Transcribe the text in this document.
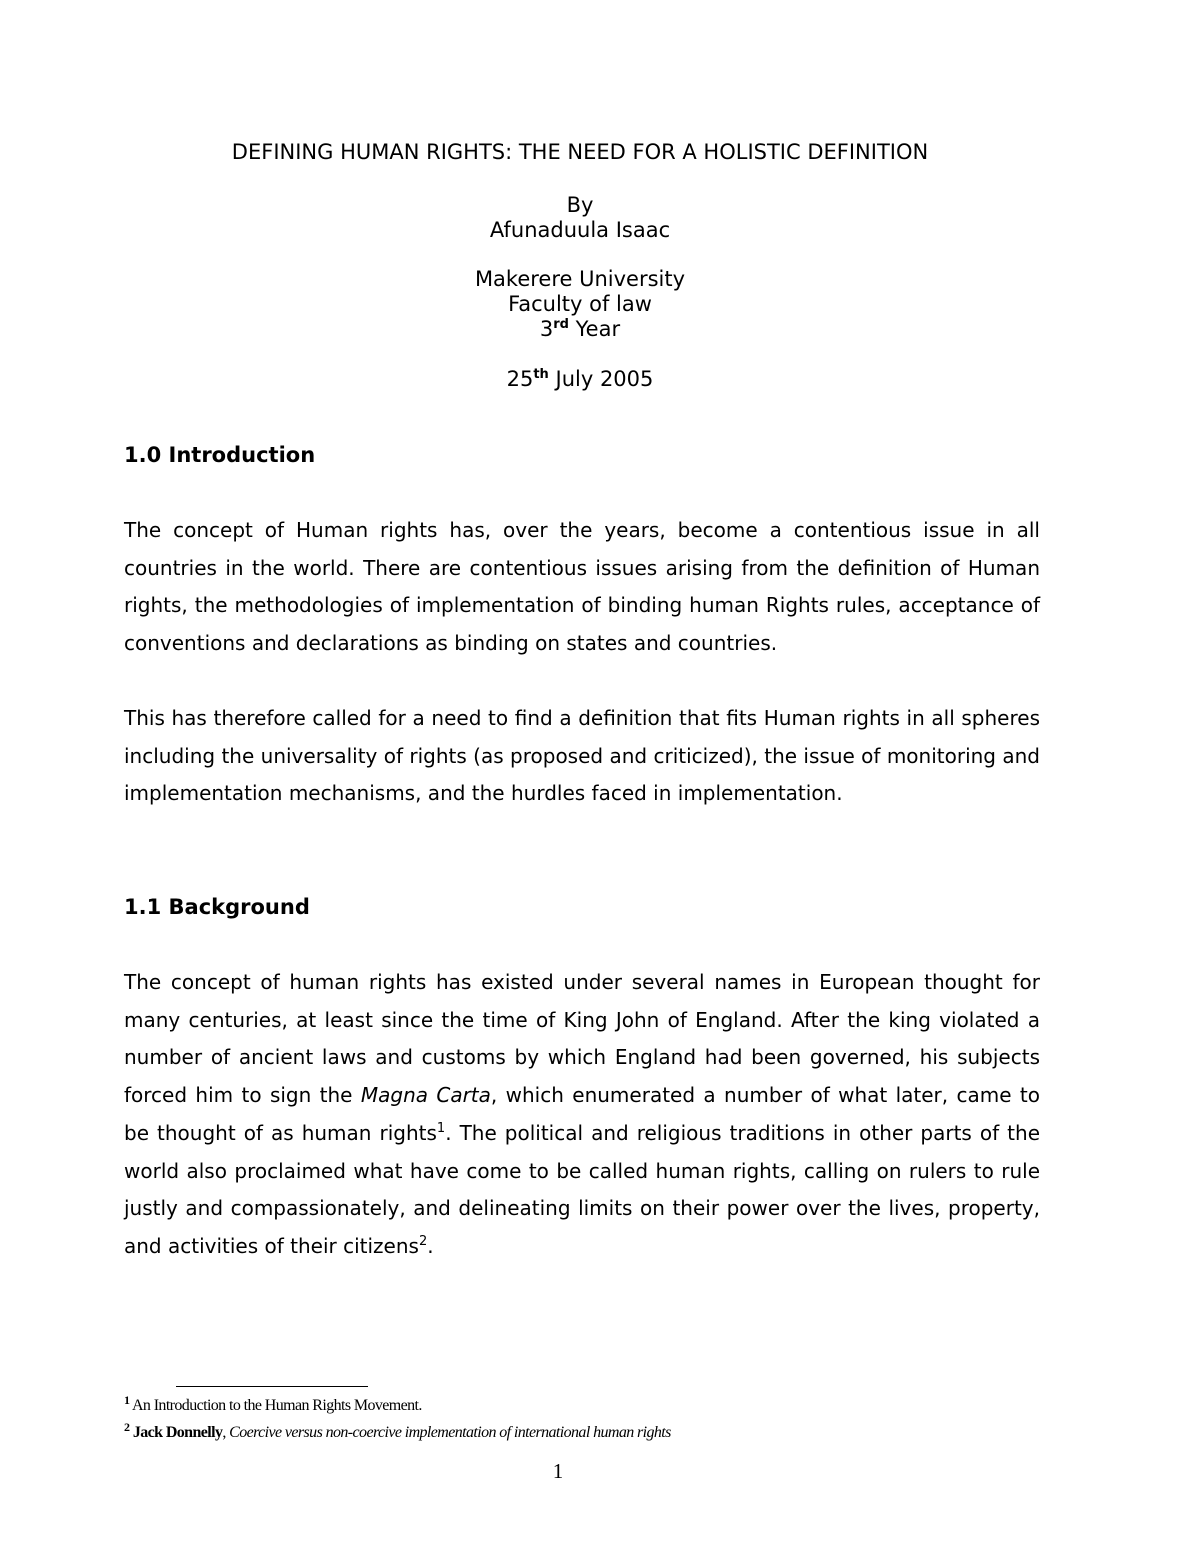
DEFINING HUMAN RIGHTS: THE NEED FOR A HOLISTIC DEFINITION
By
Afunaduula Isaac
Makerere University
Faculty of law
3rd Year
25th July 2005
1.0 Introduction
The concept of Human rights has, over the years, become a contentious issue in all countries in the world. There are contentious issues arising from the definition of Human rights, the methodologies of implementation of binding human Rights rules, acceptance of conventions and declarations as binding on states and countries.
This has therefore called for a need to find a definition that fits Human rights in all spheres including the universality of rights (as proposed and criticized), the issue of monitoring and implementation mechanisms, and the hurdles faced in implementation.
1.1 Background
The concept of human rights has existed under several names in European thought for many centuries, at least since the time of King John of England. After the king violated a number of ancient laws and customs by which England had been governed, his subjects forced him to sign the Magna Carta, which enumerated a number of what later, came to be thought of as human rights$^1$. The political and religious traditions in other parts of the world also proclaimed what have come to be called human rights, calling on rulers to rule justly and compassionately, and delineating limits on their power over the lives, property, and activities of their citizens$^2$.
$^1$ An Introduction to the Human Rights Movement.
$^2$ Jack Donnelly, Coercive versus non-coercive implementation of international human rights
1
